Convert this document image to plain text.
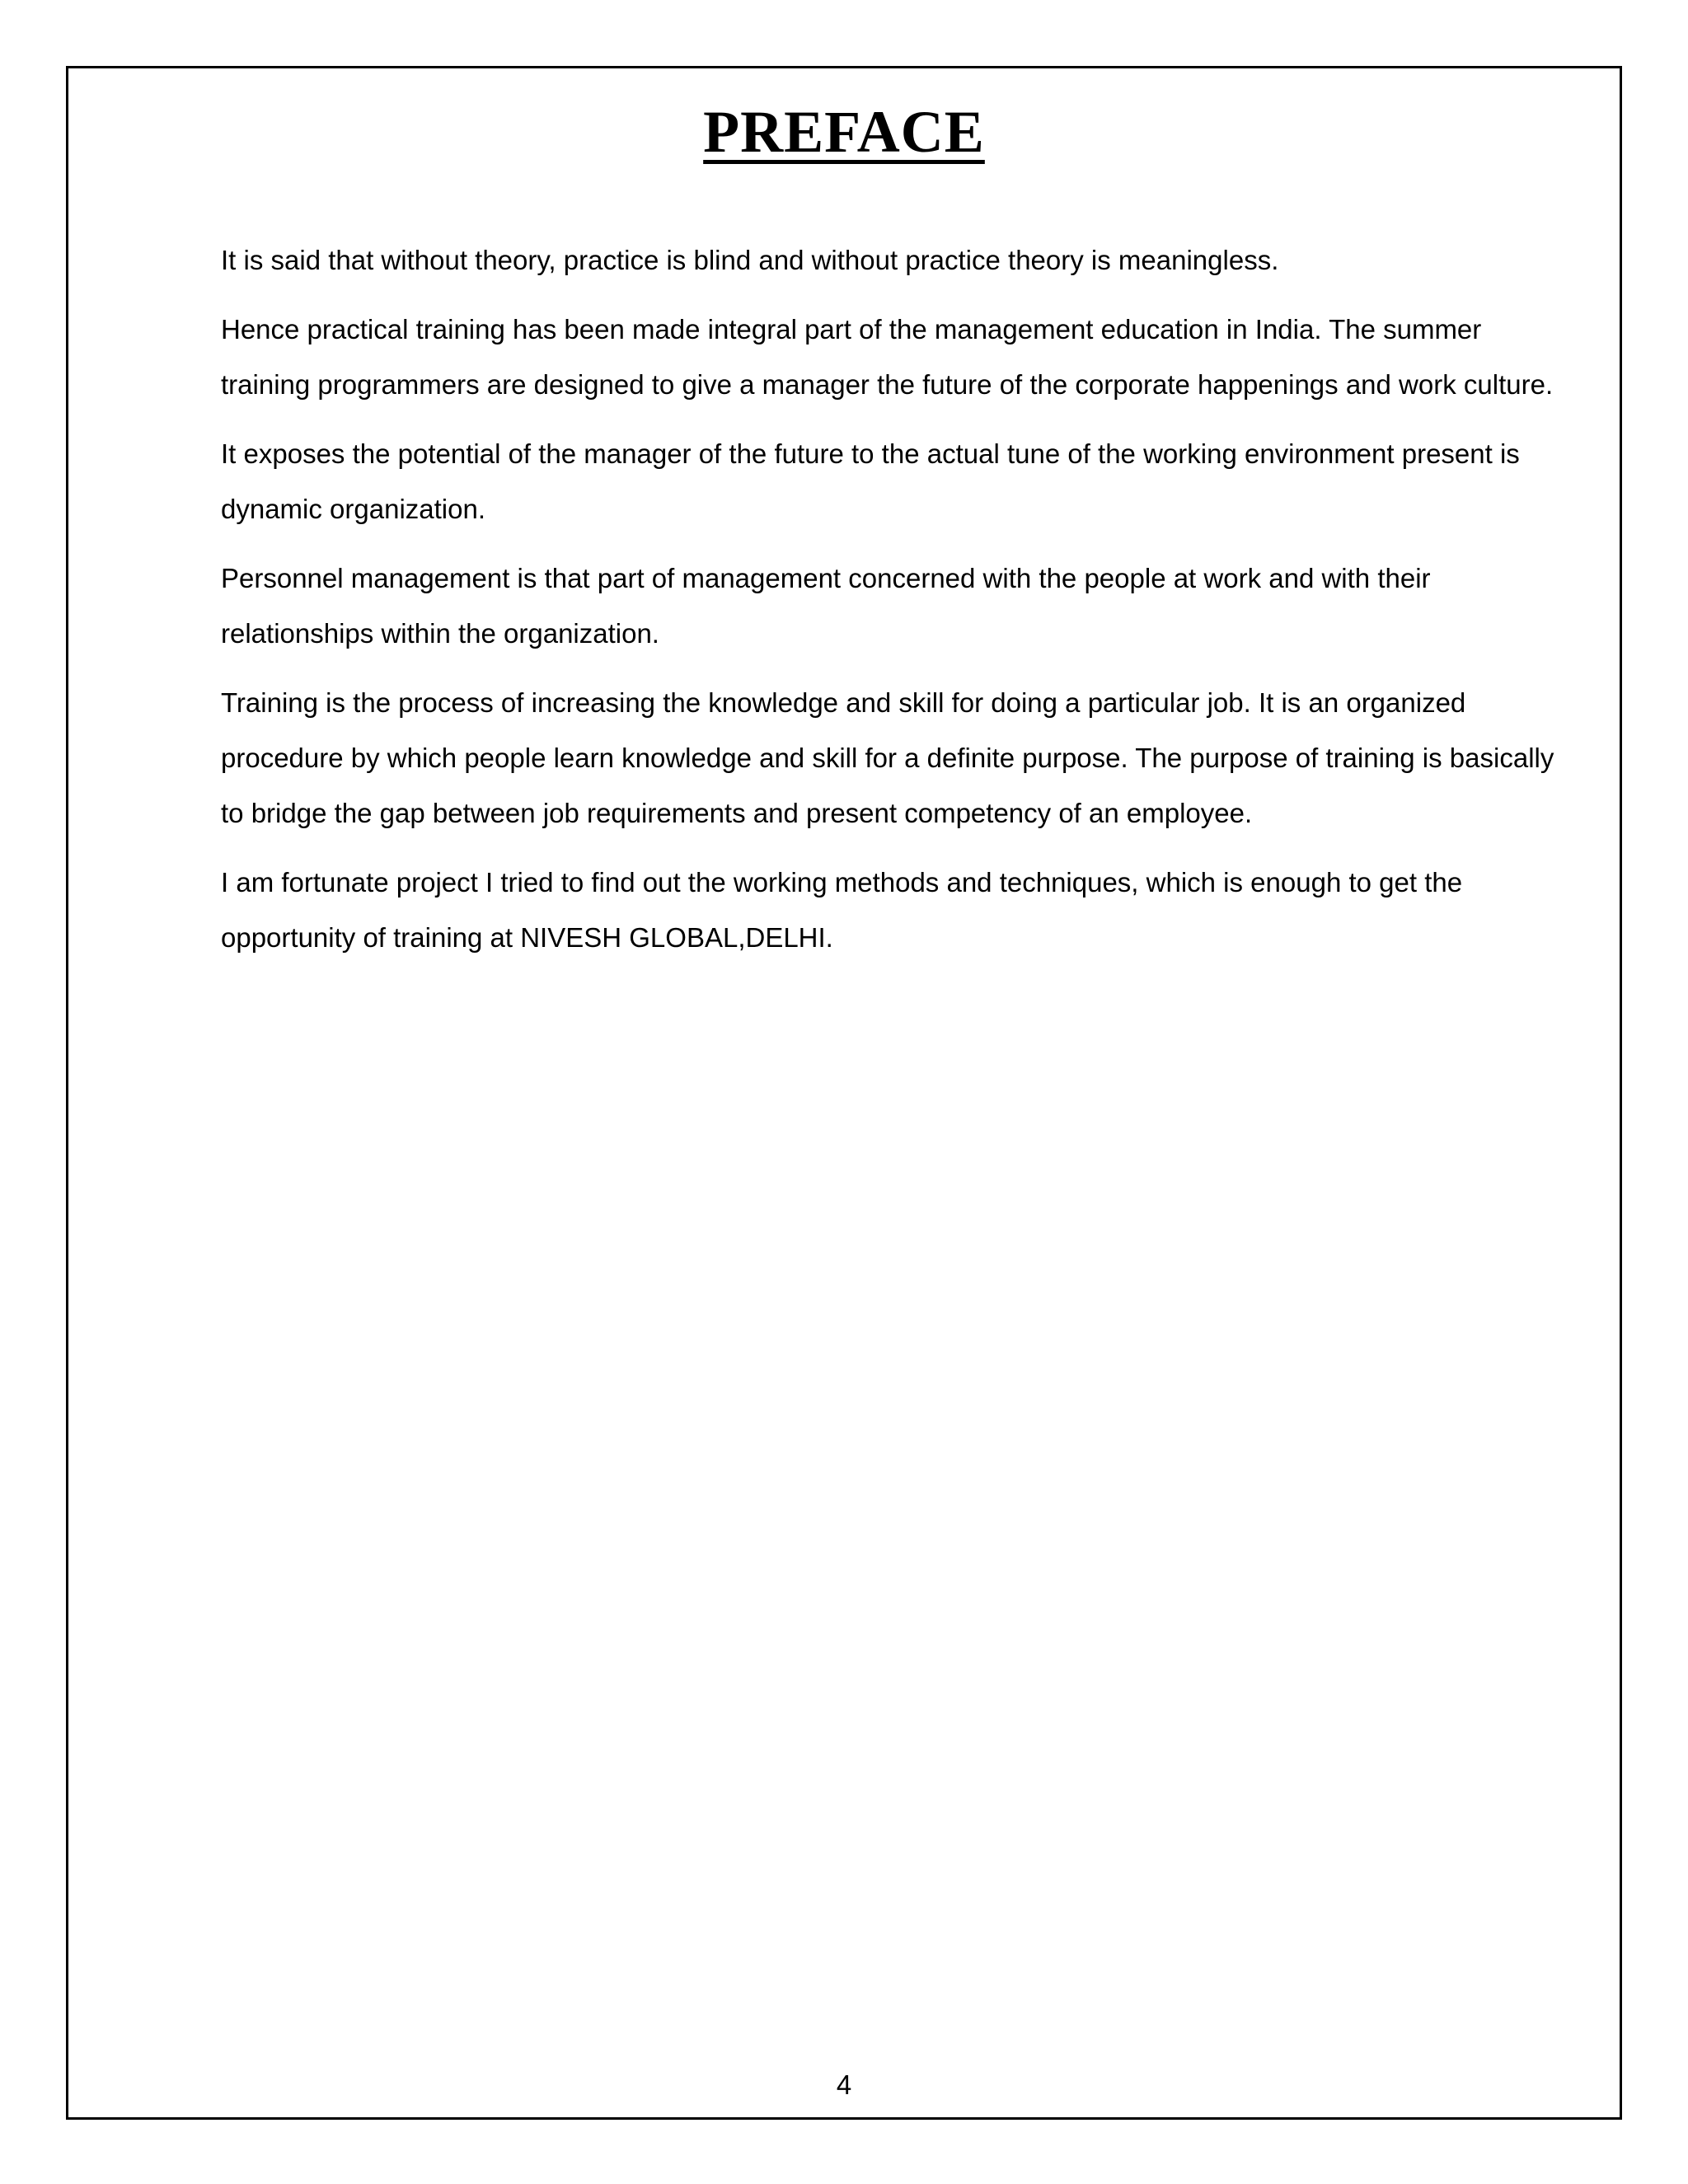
PREFACE

It is said that without theory, practice is blind and without practice theory is meaningless.

Hence practical training has been made integral part of the management education in India. The summer training programmers are designed to give a manager the future of the corporate happenings and work culture.

It exposes the potential of the manager of the future to the actual tune of the working environment present is dynamic organization.

Personnel management is that part of management concerned with the people at work and with their relationships within the organization.

Training is the process of increasing the knowledge and skill for doing a particular job. It is an organized procedure by which people learn knowledge and skill for a definite purpose. The purpose of training is basically to bridge the gap between job requirements and present competency of an employee.

I am fortunate project I tried to find out the working methods and techniques, which is enough to get the opportunity of training at NIVESH GLOBAL,DELHI.

4
